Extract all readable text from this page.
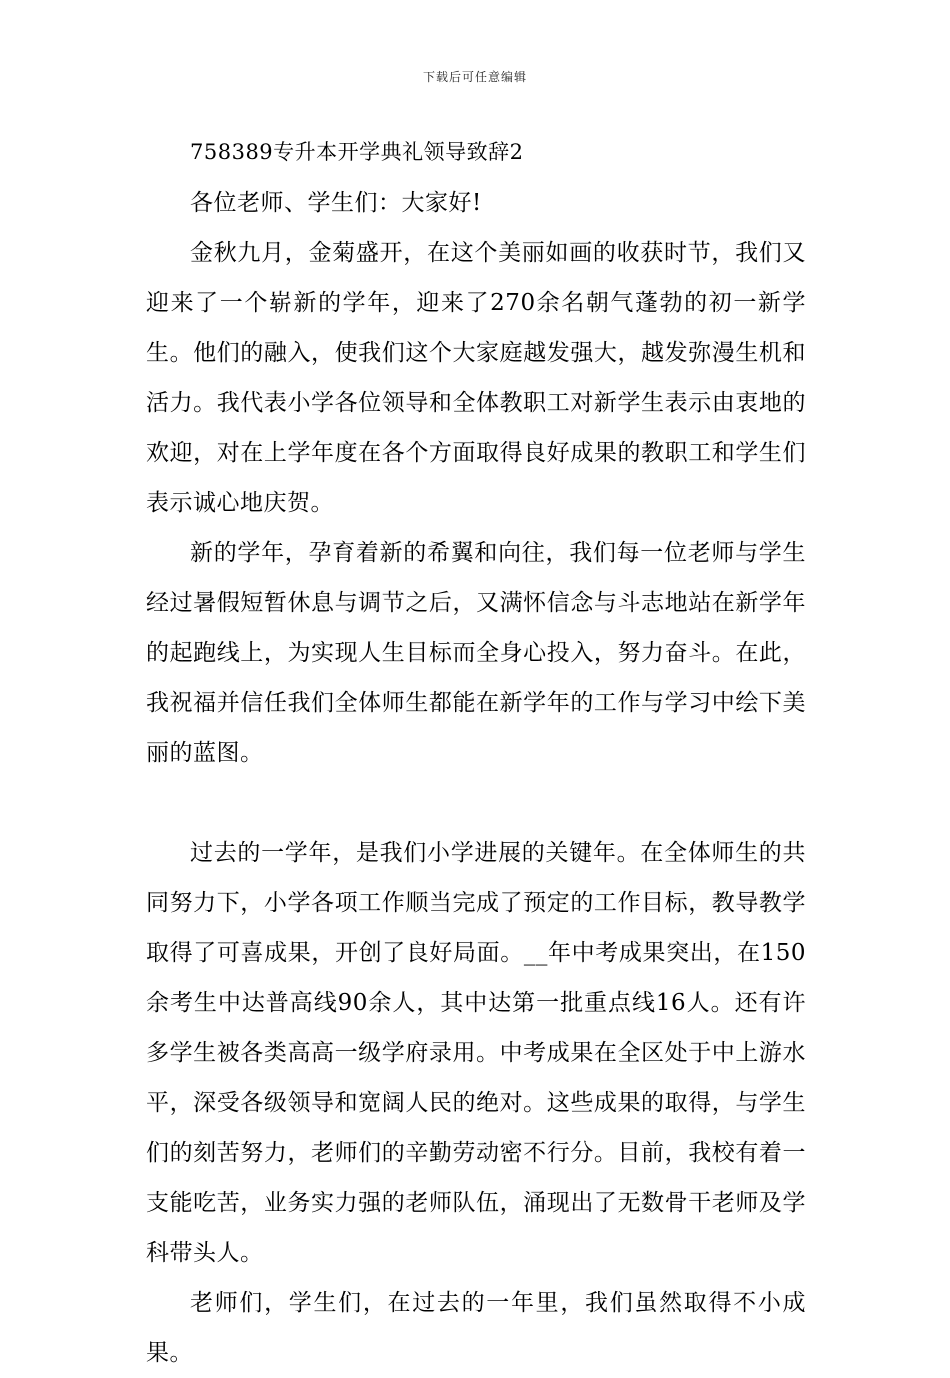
下载后可任意编辑
758389专升本开学典礼领导致辞2

各位老师、学生们：大家好!

金秋九月，金菊盛开，在这个美丽如画的收获时节，我们又迎来了一个崭新的学年，迎来了270余名朝气蓬勃的初一新学生。他们的融入，使我们这个大家庭越发强大，越发弥漫生机和活力。我代表小学各位领导和全体教职工对新学生表示由衷地的欢迎，对在上学年度在各个方面取得良好成果的教职工和学生们表示诚心地庆贺。

新的学年，孕育着新的希翼和向往，我们每一位老师与学生经过暑假短暂休息与调节之后，又满怀信念与斗志地站在新学年的起跑线上，为实现人生目标而全身心投入，努力奋斗。在此，我祝福并信任我们全体师生都能在新学年的工作与学习中绘下美丽的蓝图。

过去的一学年，是我们小学进展的关键年。在全体师生的共同努力下，小学各项工作顺当完成了预定的工作目标，教导教学取得了可喜成果，开创了良好局面。__年中考成果突出，在150余考生中达普高线90余人，其中达第一批重点线16人。还有许多学生被各类高高一级学府录用。中考成果在全区处于中上游水平，深受各级领导和宽阔人民的绝对。这些成果的取得，与学生们的刻苦努力，老师们的辛勤劳动密不行分。目前，我校有着一支能吃苦，业务实力强的老师队伍，涌现出了无数骨干老师及学科带头人。

老师们，学生们，在过去的一年里，我们虽然取得不小成果。
